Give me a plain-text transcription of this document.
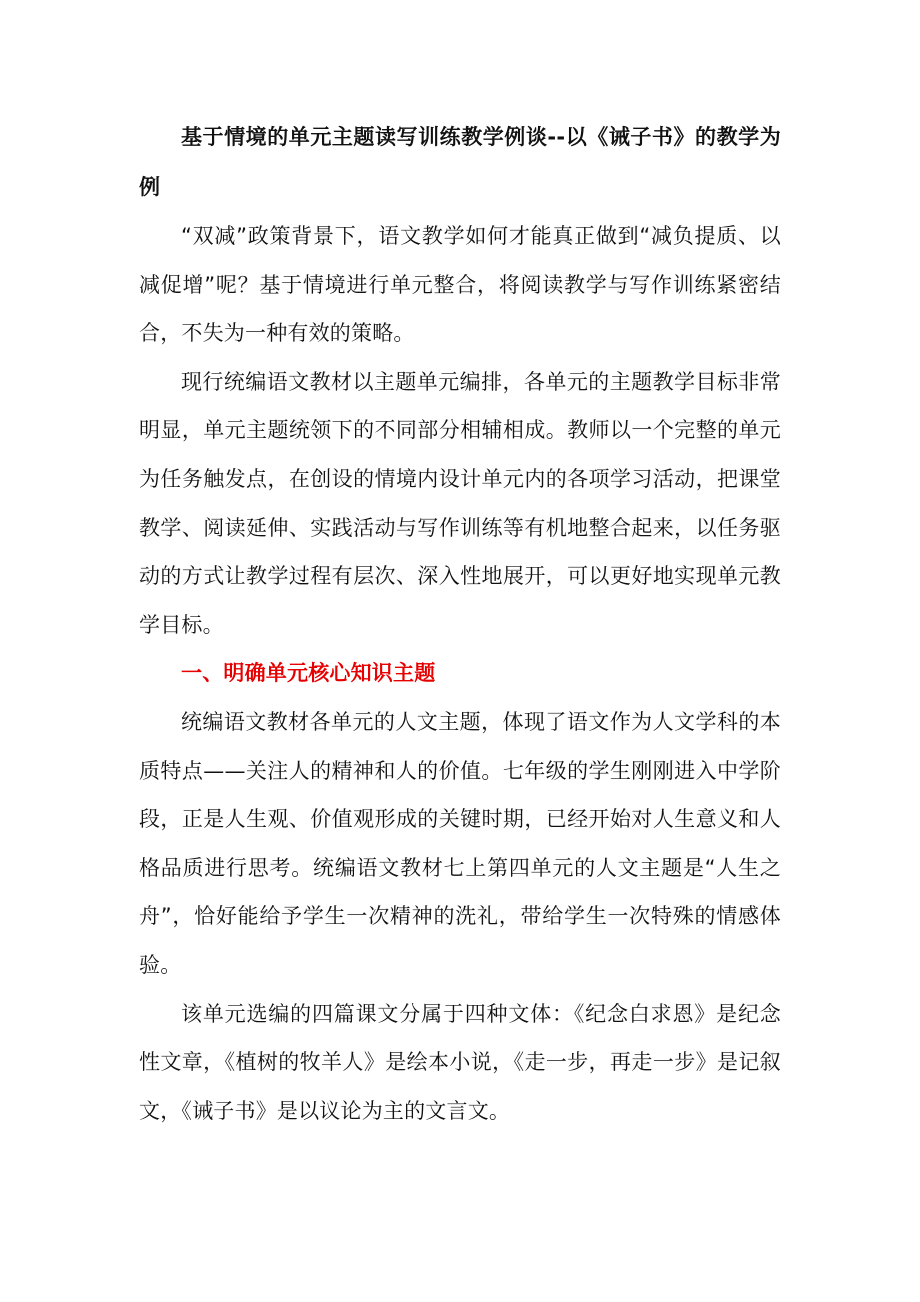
基于情境的单元主题读写训练教学例谈--以《诫子书》的教学为例

“双减”政策背景下，语文教学如何才能真正做到“减负提质、以减促增”呢？基于情境进行单元整合，将阅读教学与写作训练紧密结合，不失为一种有效的策略。

现行统编语文教材以主题单元编排，各单元的主题教学目标非常明显，单元主题统领下的不同部分相辅相成。教师以一个完整的单元为任务触发点，在创设的情境内设计单元内的各项学习活动，把课堂教学、阅读延伸、实践活动与写作训练等有机地整合起来，以任务驱动的方式让教学过程有层次、深入性地展开，可以更好地实现单元教学目标。

一、明确单元核心知识主题

统编语文教材各单元的人文主题，体现了语文作为人文学科的本质特点——关注人的精神和人的价值。七年级的学生刚刚进入中学阶段，正是人生观、价值观形成的关键时期，已经开始对人生意义和人格品质进行思考。统编语文教材七上第四单元的人文主题是“人生之舟”，恰好能给予学生一次精神的洗礼，带给学生一次特殊的情感体验。

该单元选编的四篇课文分属于四种文体：《纪念白求恩》是纪念性文章，《植树的牧羊人》是绘本小说，《走一步，再走一步》是记叙文，《诫子书》是以议论为主的文言文。
